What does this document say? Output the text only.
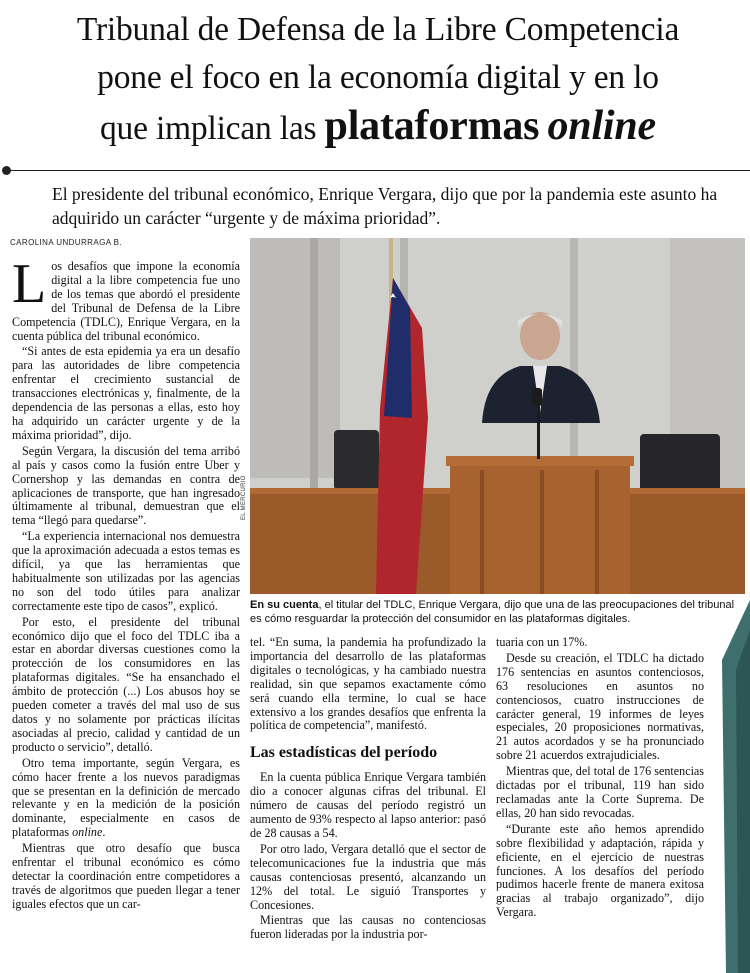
Tribunal de Defensa de la Libre Competencia
pone el foco en la economía digital y en lo
que implican las plataformas online
El presidente del tribunal económico, Enrique Vergara, dijo que por la pandemia este asunto ha adquirido un carácter “urgente y de máxima prioridad”.
CAROLINA UNDURRAGA B.

Los desafíos que impone la economía digital a la libre competencia fue uno de los temas que abordó el presidente del Tribunal de Defensa de la Libre Competencia (TDLC), Enrique Vergara, en la cuenta pública del tribunal económico.

“Si antes de esta epidemia ya era un desafío para las autoridades de libre competencia enfrentar el crecimiento sustancial de transacciones electrónicas y, finalmente, de la dependencia de las personas a ellas, esto hoy ha adquirido un carácter urgente y de la máxima prioridad”, dijo.

Según Vergara, la discusión del tema arribó al país y casos como la fusión entre Uber y Cornershop y las demandas en contra de aplicaciones de transporte, que han ingresado últimamente al tribunal, demuestran que el tema “llegó para quedarse”.

“La experiencia internacional nos demuestra que la aproximación adecuada a estos temas es difícil, ya que las herramientas que habitualmente son utilizadas por las agencias no son del todo útiles para analizar correctamente este tipo de casos”, explicó.

Por esto, el presidente del tribunal económico dijo que el foco del TDLC iba a estar en abordar diversas cuestiones como la protección de los consumidores en las plataformas digitales. “Se ha ensanchado el ámbito de protección (...) Los abusos hoy se pueden cometer a través del mal uso de sus datos y no solamente por prácticas ilícitas asociadas al precio, calidad y cantidad de un producto o servicio”, detalló.

Otro tema importante, según Vergara, es cómo hacer frente a los nuevos paradigmas que se presentan en la definición de mercado relevante y en la medición de la posición dominante, especialmente en casos de plataformas online.

Mientras que otro desafío que busca enfrentar el tribunal económico es cómo detectar la coordinación entre competidores a través de algoritmos que pueden llegar a tener iguales efectos que un car-

EL MERCURIO
En su cuenta, el titular del TDLC, Enrique Vergara, dijo que una de las preocupaciones del tribunal es cómo resguardar la protección del consumidor en las plataformas digitales.

tel. “En suma, la pandemia ha profundizado la importancia del desarrollo de las plataformas digitales o tecnológicas, y ha cambiado nuestra realidad, sin que sepamos exactamente cómo será cuando ella termine, lo cual se hace extensivo a los grandes desafíos que enfrenta la política de competencia”, manifestó.

Las estadísticas del período

En la cuenta pública Enrique Vergara también dio a conocer algunas cifras del tribunal. El número de causas del período registró un aumento de 93% respecto al lapso anterior: pasó de 28 causas a 54.

Por otro lado, Vergara detalló que el sector de telecomunicaciones fue la industria que más causas contenciosas presentó, alcanzando un 12% del total. Le siguió Transportes y Concesiones.

Mientras que las causas no contenciosas fueron lideradas por la industria por-

tuaria con un 17%.

Desde su creación, el TDLC ha dictado 176 sentencias en asuntos contenciosos, 63 resoluciones en asuntos no contenciosos, cuatro instrucciones de carácter general, 19 informes de leyes especiales, 20 proposiciones normativas, 21 autos acordados y se ha pronunciado sobre 21 acuerdos extrajudiciales.

Mientras que, del total de 176 sentencias dictadas por el tribunal, 119 han sido reclamadas ante la Corte Suprema. De ellas, 20 han sido revocadas.

“Durante este año hemos aprendido sobre flexibilidad y adaptación, rápida y eficiente, en el ejercicio de nuestras funciones. A los desafíos del período pudimos hacerle frente de manera exitosa gracias al trabajo organizado”, dijo Vergara.
